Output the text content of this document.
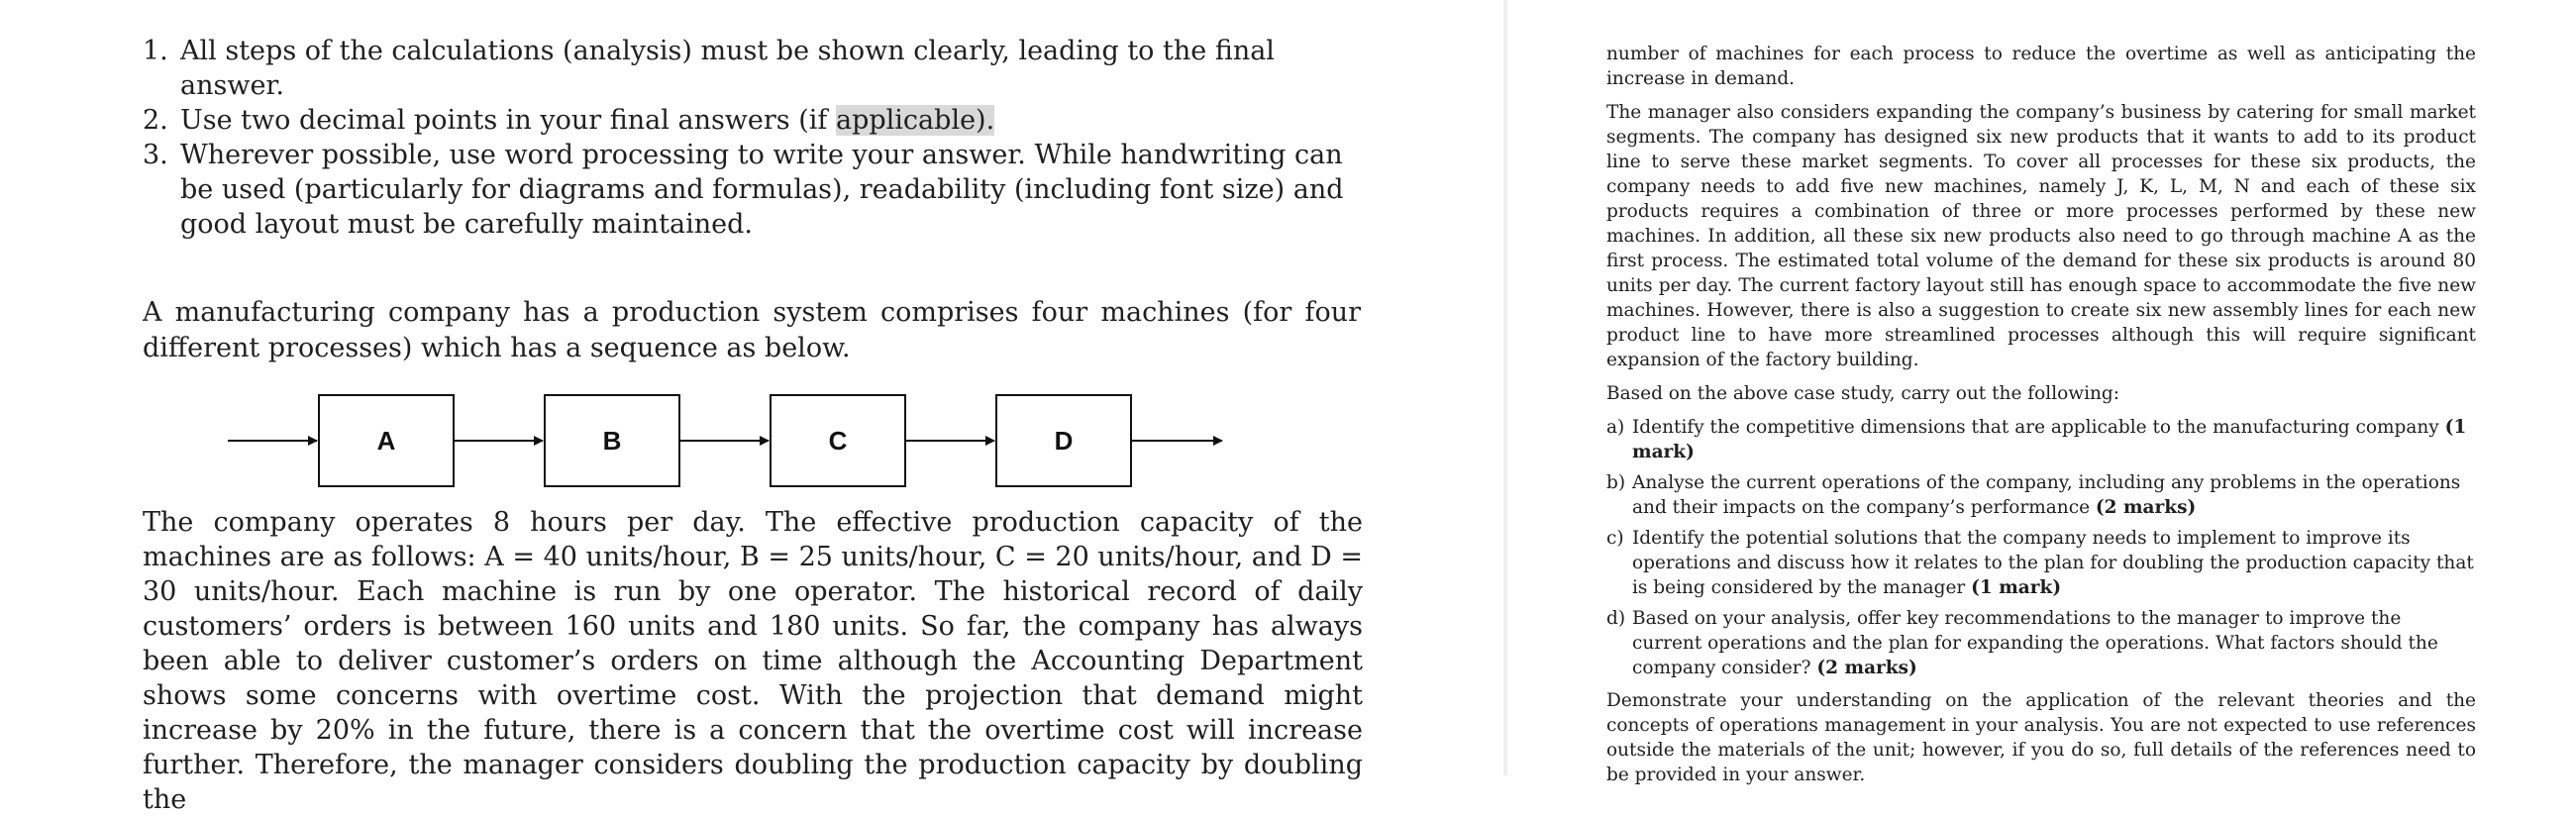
1. All steps of the calculations (analysis) must be shown clearly, leading to the final answer.
2. Use two decimal points in your final answers (if applicable).
3. Wherever possible, use word processing to write your answer. While handwriting can be used (particularly for diagrams and formulas), readability (including font size) and good layout must be carefully maintained.

A manufacturing company has a production system comprises four machines (for four different processes) which has a sequence as below.

A	B	C	D

The company operates 8 hours per day. The effective production capacity of the machines are as follows: A = 40 units/hour, B = 25 units/hour, C = 20 units/hour, and D = 30 units/hour. Each machine is run by one operator. The historical record of daily customers’ orders is between 160 units and 180 units. So far, the company has always been able to deliver customer’s orders on time although the Accounting Department shows some concerns with overtime cost. With the projection that demand might increase by 20% in the future, there is a concern that the overtime cost will increase further. Therefore, the manager considers doubling the production capacity by doubling the

number of machines for each process to reduce the overtime as well as anticipating the increase in demand.

The manager also considers expanding the company’s business by catering for small market segments. The company has designed six new products that it wants to add to its product line to serve these market segments. To cover all processes for these six products, the company needs to add five new machines, namely J, K, L, M, N and each of these six products requires a combination of three or more processes performed by these new machines. In addition, all these six new products also need to go through machine A as the first process. The estimated total volume of the demand for these six products is around 80 units per day. The current factory layout still has enough space to accommodate the five new machines. However, there is also a suggestion to create six new assembly lines for each new product line to have more streamlined processes although this will require significant expansion of the factory building.

Based on the above case study, carry out the following:

a) Identify the competitive dimensions that are applicable to the manufacturing company (1 mark)
b) Analyse the current operations of the company, including any problems in the operations and their impacts on the company’s performance (2 marks)
c) Identify the potential solutions that the company needs to implement to improve its operations and discuss how it relates to the plan for doubling the production capacity that is being considered by the manager (1 mark)
d) Based on your analysis, offer key recommendations to the manager to improve the current operations and the plan for expanding the operations. What factors should the company consider? (2 marks)

Demonstrate your understanding on the application of the relevant theories and the concepts of operations management in your analysis. You are not expected to use references outside the materials of the unit; however, if you do so, full details of the references need to be provided in your answer.
